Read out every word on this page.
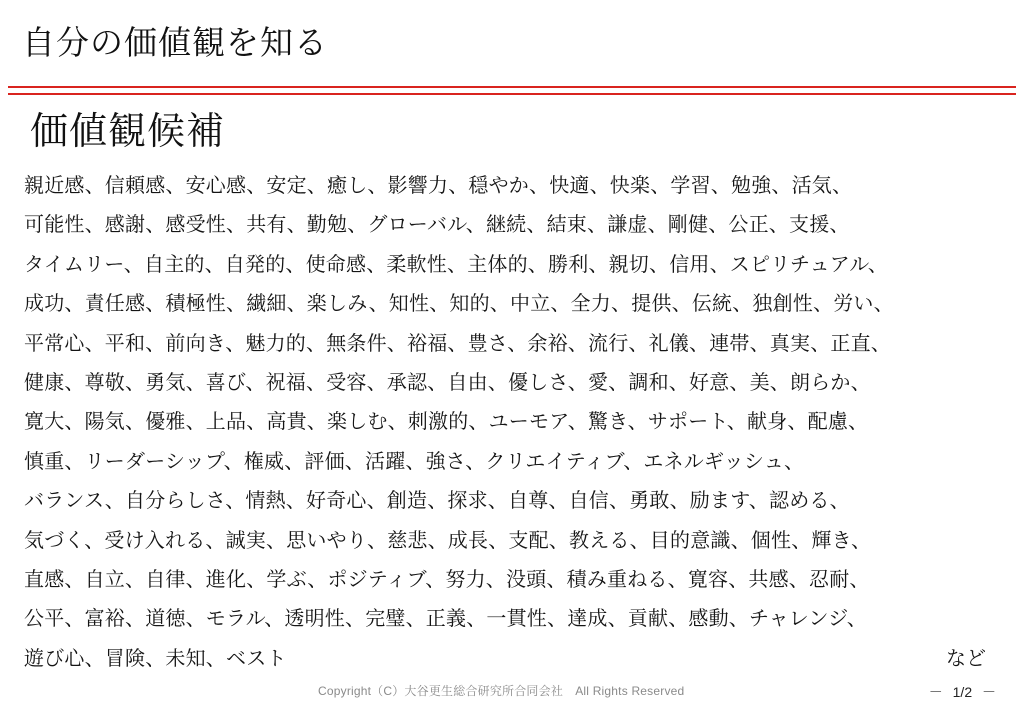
自分の価値観を知る
価値観候補
親近感、信頼感、安心感、安定、癒し、影響力、穏やか、快適、快楽、学習、勉強、活気、
可能性、感謝、感受性、共有、勤勉、グローバル、継続、結束、謙虚、剛健、公正、支援、
タイムリー、自主的、自発的、使命感、柔軟性、主体的、勝利、親切、信用、スピリチュアル、
成功、責任感、積極性、繊細、楽しみ、知性、知的、中立、全力、提供、伝統、独創性、労い、
平常心、平和、前向き、魅力的、無条件、裕福、豊さ、余裕、流行、礼儀、連帯、真実、正直、
健康、尊敬、勇気、喜び、祝福、受容、承認、自由、優しさ、愛、調和、好意、美、朗らか、
寛大、陽気、優雅、上品、高貴、楽しむ、刺激的、ユーモア、驚き、サポート、献身、配慮、
慎重、リーダーシップ、権威、評価、活躍、強さ、クリエイティブ、エネルギッシュ、
バランス、自分らしさ、情熱、好奇心、創造、探求、自尊、自信、勇敢、励ます、認める、
気づく、受け入れる、誠実、思いやり、慈悲、成長、支配、教える、目的意識、個性、輝き、
直感、自立、自律、進化、学ぶ、ポジティブ、努力、没頭、積み重ねる、寛容、共感、忍耐、
公平、富裕、道徳、モラル、透明性、完璧、正義、一貫性、達成、貢献、感動、チャレンジ、
遊び心、冒険、未知、ベスト	など
Copyright（C）大谷更生総合研究所合同会社　All Rights Reserved	－ 1/2 －
